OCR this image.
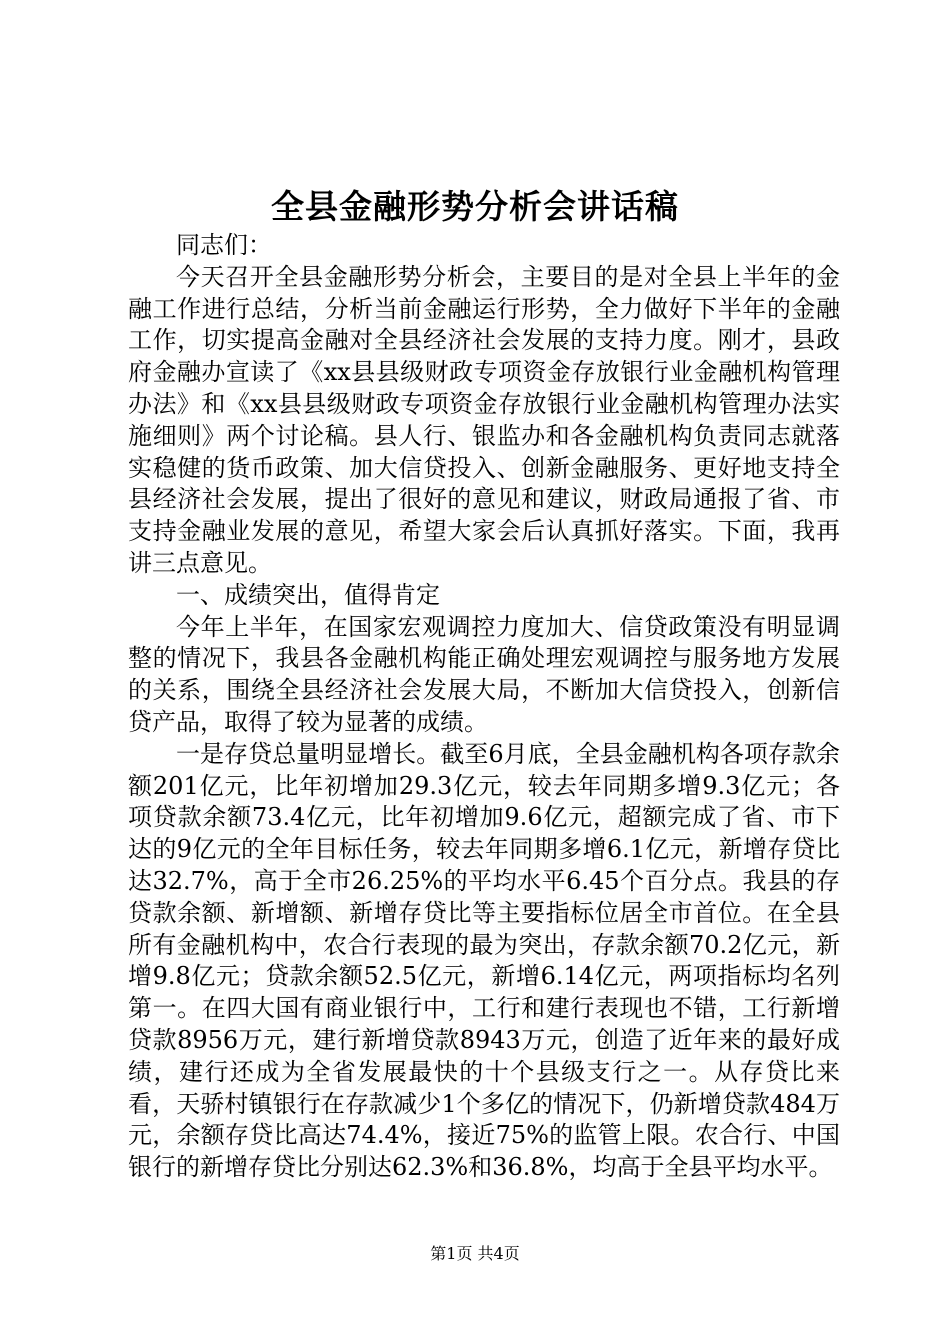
全县金融形势分析会讲话稿

同志们：

今天召开全县金融形势分析会，主要目的是对全县上半年的金融工作进行总结，分析当前金融运行形势，全力做好下半年的金融工作，切实提高金融对全县经济社会发展的支持力度。刚才，县政府金融办宣读了《xx县县级财政专项资金存放银行业金融机构管理办法》和《xx县县级财政专项资金存放银行业金融机构管理办法实施细则》两个讨论稿。县人行、银监办和各金融机构负责同志就落实稳健的货币政策、加大信贷投入、创新金融服务、更好地支持全县经济社会发展，提出了很好的意见和建议，财政局通报了省、市支持金融业发展的意见，希望大家会后认真抓好落实。下面，我再讲三点意见。

一、成绩突出，值得肯定

今年上半年，在国家宏观调控力度加大、信贷政策没有明显调整的情况下，我县各金融机构能正确处理宏观调控与服务地方发展的关系，围绕全县经济社会发展大局，不断加大信贷投入，创新信贷产品，取得了较为显著的成绩。

一是存贷总量明显增长。截至6月底，全县金融机构各项存款余额201亿元，比年初增加29.3亿元，较去年同期多增9.3亿元；各项贷款余额73.4亿元，比年初增加9.6亿元，超额完成了省、市下达的9亿元的全年目标任务，较去年同期多增6.1亿元，新增存贷比达32.7%，高于全市26.25%的平均水平6.45个百分点。我县的存贷款余额、新增额、新增存贷比等主要指标位居全市首位。在全县所有金融机构中，农合行表现的最为突出，存款余额70.2亿元，新增9.8亿元；贷款余额52.5亿元，新增6.14亿元，两项指标均名列第一。在四大国有商业银行中，工行和建行表现也不错，工行新增贷款8956万元，建行新增贷款8943万元，创造了近年来的最好成绩，建行还成为全省发展最快的十个县级支行之一。从存贷比来看，天骄村镇银行在存款减少1个多亿的情况下，仍新增贷款484万元，余额存贷比高达74.4%，接近75%的监管上限。农合行、中国银行的新增存贷比分别达62.3%和36.8%，均高于全县平均水平。

第1页 共4页
